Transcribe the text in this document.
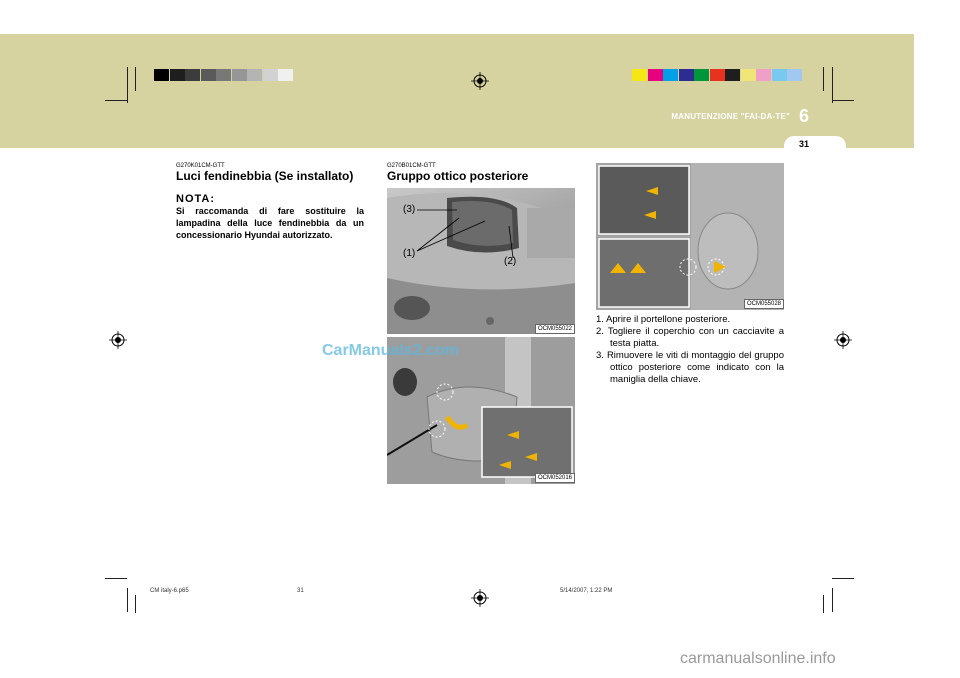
MANUTENZIONE "FAI-DA-TE" 6
31
G270K01CM-GTT
Luci fendinebbia (Se installato)
NOTA:
Si raccomanda di fare sostituire la lampadina della luce fendinebbia da un concessionario Hyundai autorizzato.
G270B01CM-GTT
Gruppo ottico posteriore
(3)
(1)
(2)
OCM055022
OCM052016
OCM055028
1. Aprire il portellone posteriore.
2. Togliere il coperchio con un cacciavite a testa piatta.
3. Rimuovere le viti di montaggio del gruppo ottico posteriore come indicato con la maniglia della chiave.
CarManuals2.com
CM italy-6.p65	31	5/14/2007, 1:22 PM
carmanualsonline.info
